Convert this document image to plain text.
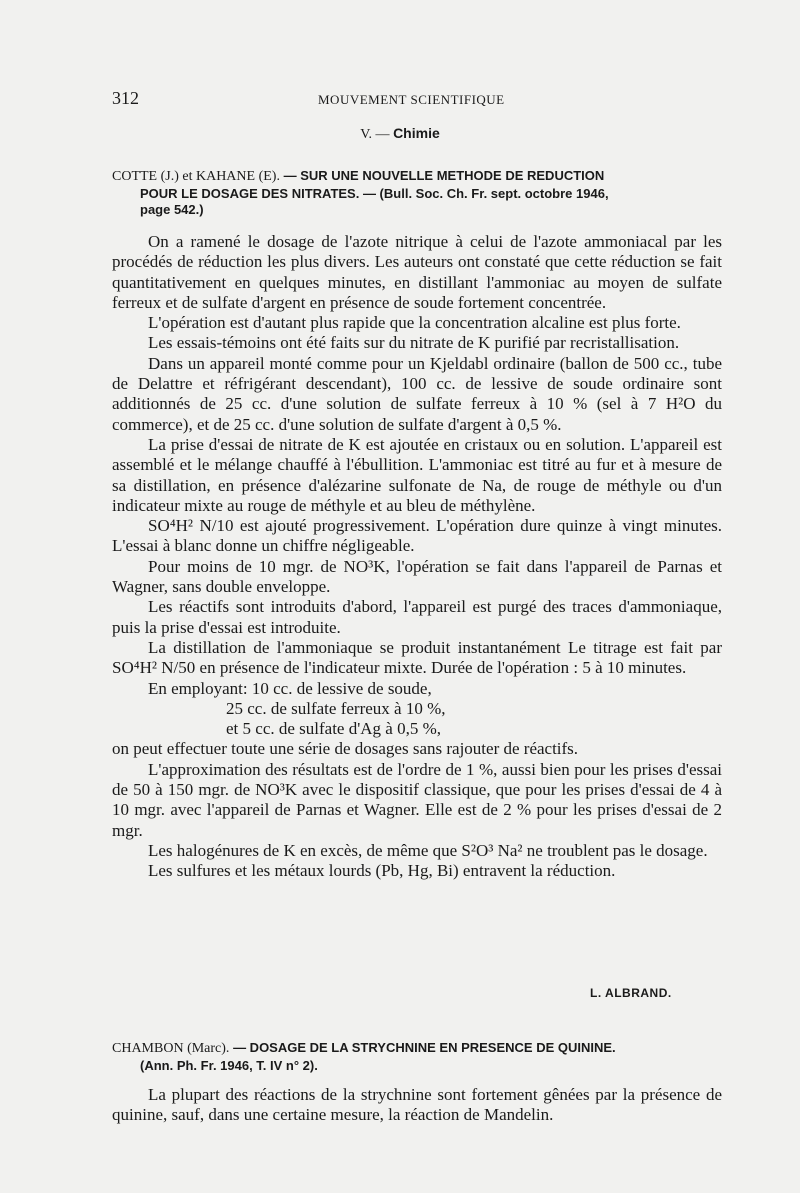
312	MOUVEMENT SCIENTIFIQUE
V. — Chimie
COTTE (J.) et KAHANE (E). — SUR UNE NOUVELLE METHODE DE REDUCTION
POUR LE DOSAGE DES NITRATES. — (Bull. Soc. Ch. Fr. sept. octobre 1946,
page 542.)

On a ramené le dosage de l'azote nitrique à celui de l'azote ammoniacal par les procédés de réduction les plus divers. Les auteurs ont constaté que cette réduction se fait quantitativement en quelques minutes, en distillant l'ammoniac au moyen de sulfate ferreux et de sulfate d'argent en présence de soude fortement concentrée.

L'opération est d'autant plus rapide que la concentration alcaline est plus forte.

Les essais-témoins ont été faits sur du nitrate de K purifié par recristallisation.

Dans un appareil monté comme pour un Kjeldabl ordinaire (ballon de 500 cc., tube de Delattre et réfrigérant descendant), 100 cc. de lessive de soude ordinaire sont additionnés de 25 cc. d'une solution de sulfate ferreux à 10 % (sel à 7 H²O du commerce), et de 25 cc. d'une solution de sulfate d'argent à 0,5 %.

La prise d'essai de nitrate de K est ajoutée en cristaux ou en solution. L'appareil est assemblé et le mélange chauffé à l'ébullition. L'ammoniac est titré au fur et à mesure de sa distillation, en présence d'alézarine sulfonate de Na, de rouge de méthyle ou d'un indicateur mixte au rouge de méthyle et au bleu de méthylène.

SO⁴H² N/10 est ajouté progressivement. L'opération dure quinze à vingt minutes. L'essai à blanc donne un chiffre négligeable.

Pour moins de 10 mgr. de NO³K, l'opération se fait dans l'appareil de Parnas et Wagner, sans double enveloppe.

Les réactifs sont introduits d'abord, l'appareil est purgé des traces d'ammoniaque, puis la prise d'essai est introduite.

La distillation de l'ammoniaque se produit instantanément Le titrage est fait par SO⁴H² N/50 en présence de l'indicateur mixte. Durée de l'opération : 5 à 10 minutes.

En employant: 10 cc. de lessive de soude,
25 cc. de sulfate ferreux à 10 %,
et 5 cc. de sulfate d'Ag à 0,5 %,

on peut effectuer toute une série de dosages sans rajouter de réactifs.

L'approximation des résultats est de l'ordre de 1 %, aussi bien pour les prises d'essai de 50 à 150 mgr. de NO³K avec le dispositif classique, que pour les prises d'essai de 4 à 10 mgr. avec l'appareil de Parnas et Wagner. Elle est de 2 % pour les prises d'essai de 2 mgr.

Les halogénures de K en excès, de même que S²O³ Na² ne troublent pas le dosage.

Les sulfures et les métaux lourds (Pb, Hg, Bi) entravent la réduction.

L. ALBRAND.
CHAMBON (Marc). — DOSAGE DE LA STRYCHNINE EN PRESENCE DE QUININE.
(Ann. Ph. Fr. 1946, T. IV n° 2).

La plupart des réactions de la strychnine sont fortement gênées par la présence de quinine, sauf, dans une certaine mesure, la réaction de Mandelin.
